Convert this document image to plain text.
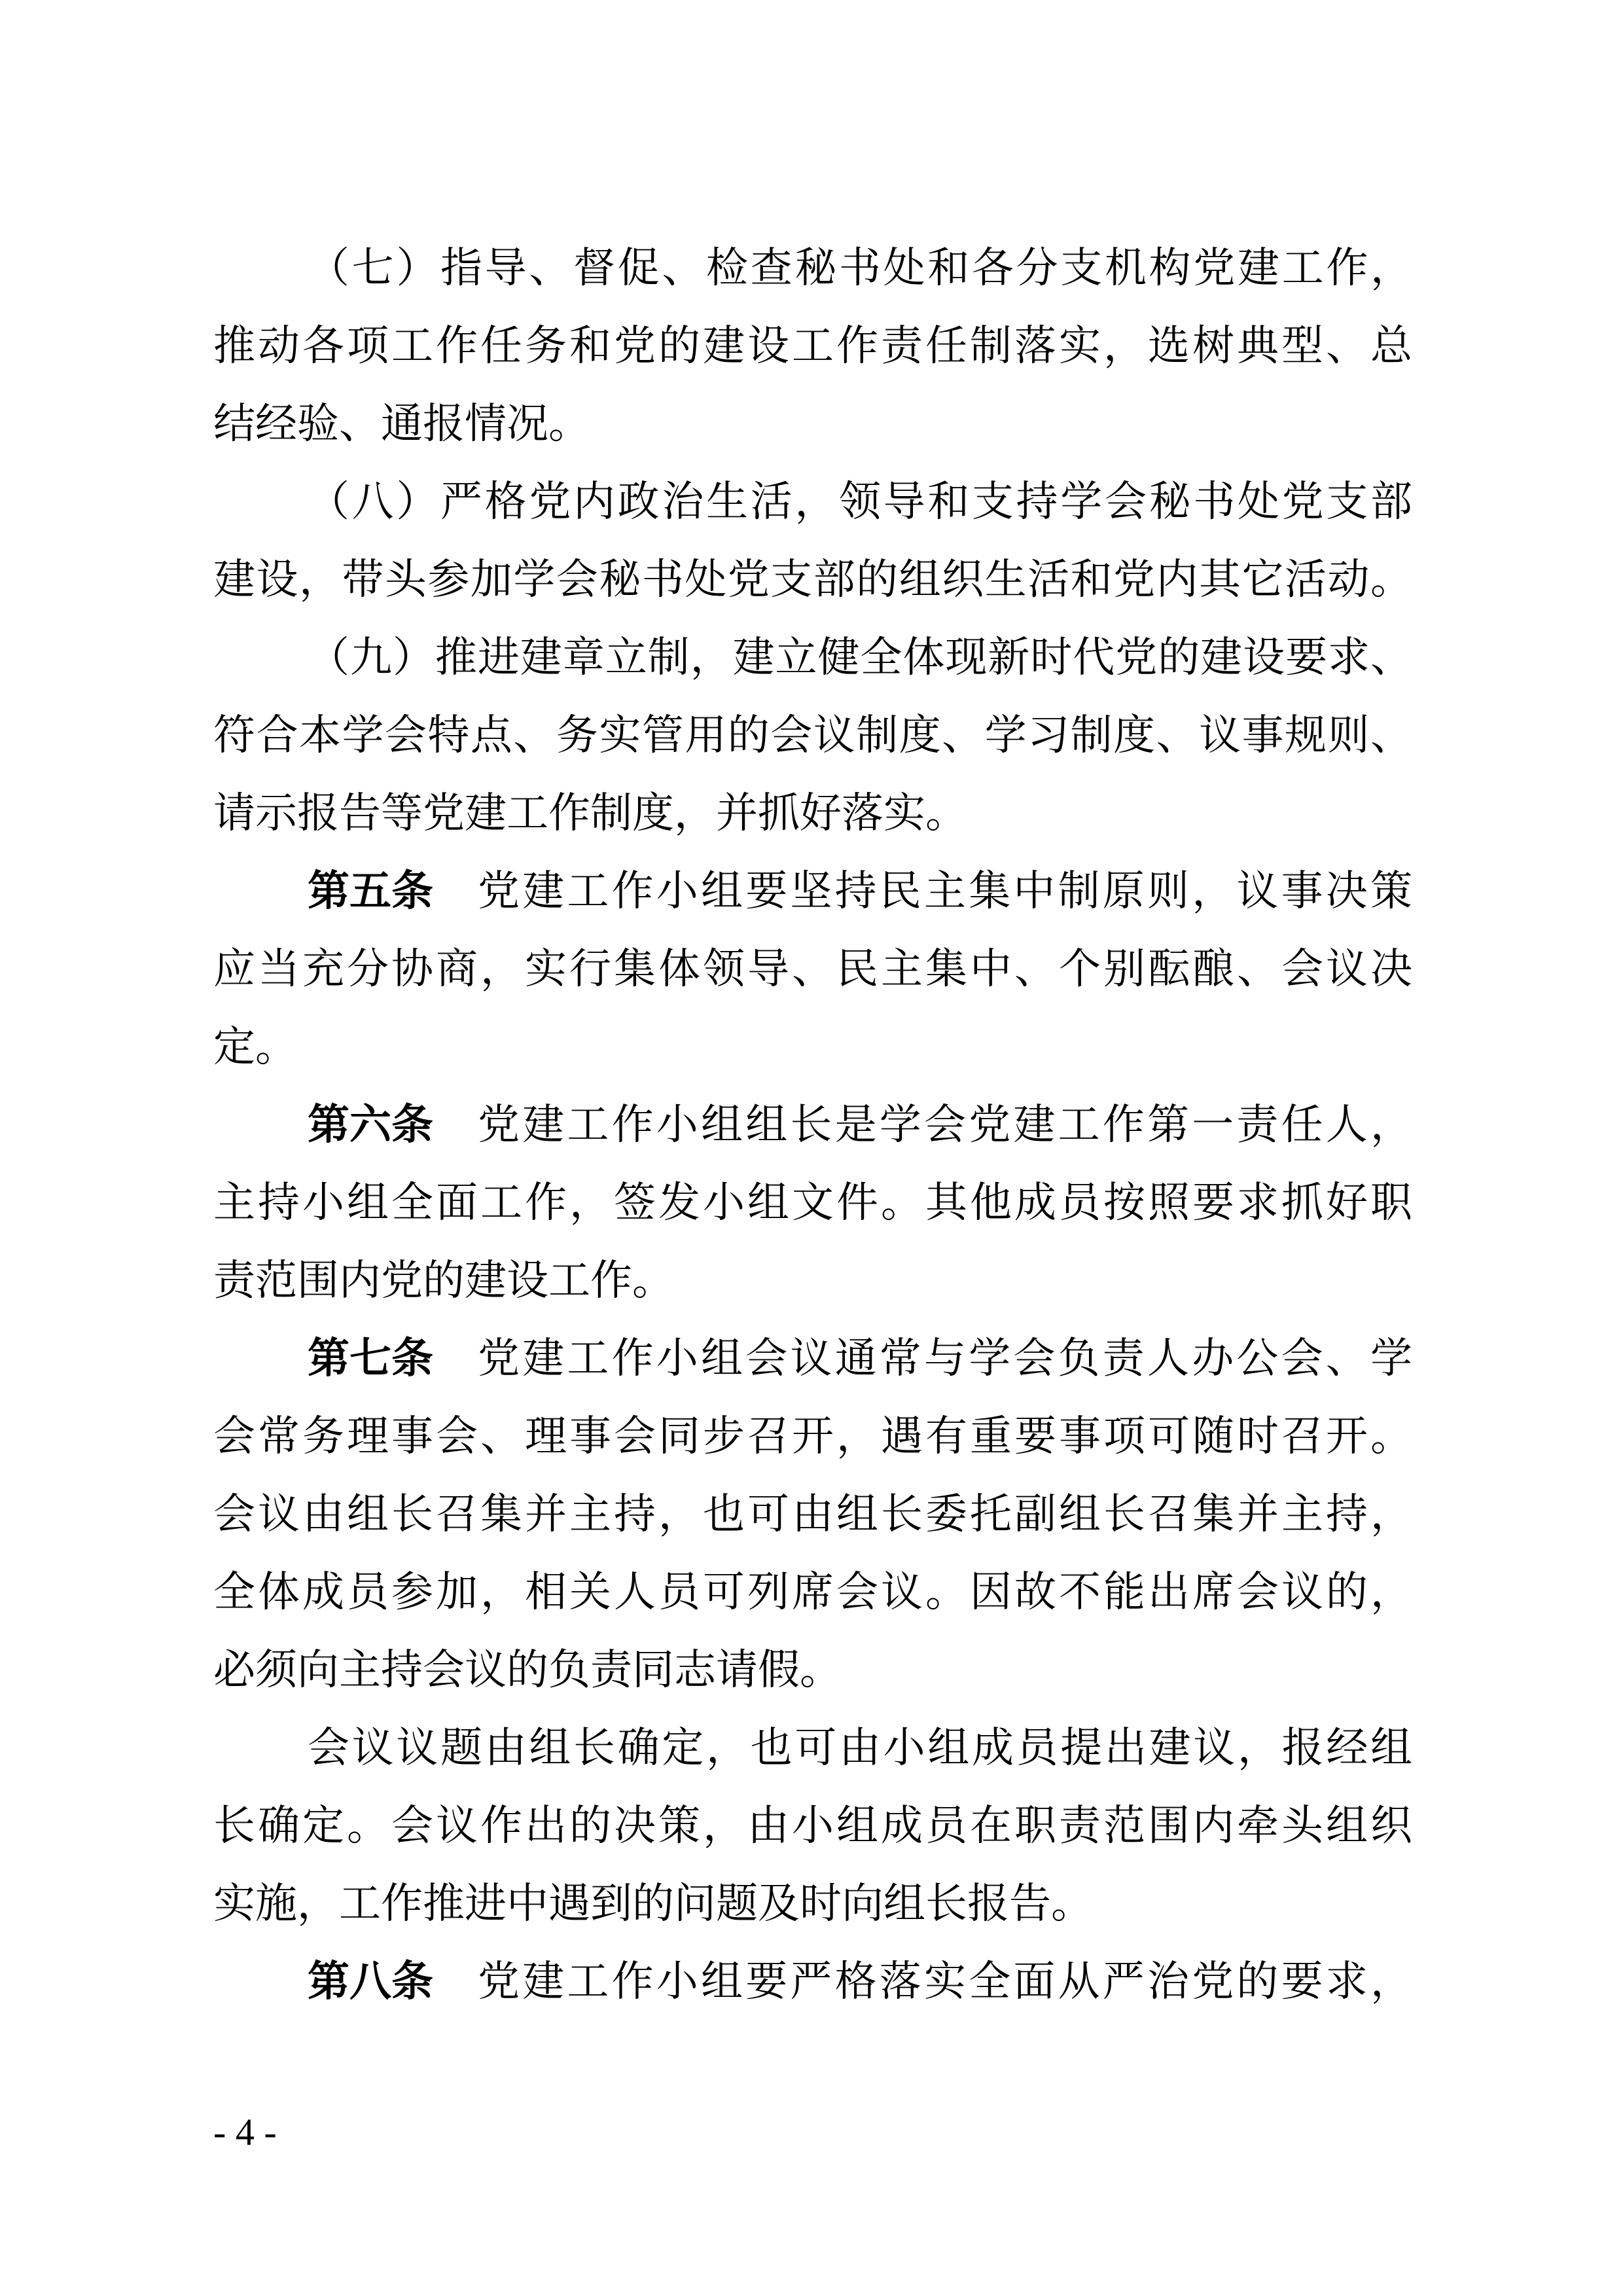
（七）指导、督促、检查秘书处和各分支机构党建工作，
推动各项工作任务和党的建设工作责任制落实，选树典型、总
结经验、通报情况。
（八）严格党内政治生活，领导和支持学会秘书处党支部
建设，带头参加学会秘书处党支部的组织生活和党内其它活动。
（九）推进建章立制，建立健全体现新时代党的建设要求、
符合本学会特点、务实管用的会议制度、学习制度、议事规则、
请示报告等党建工作制度，并抓好落实。
第五条 党建工作小组要坚持民主集中制原则，议事决策
应当充分协商，实行集体领导、民主集中、个别酝酿、会议决
定。
第六条 党建工作小组组长是学会党建工作第一责任人，
主持小组全面工作，签发小组文件。其他成员按照要求抓好职
责范围内党的建设工作。
第七条 党建工作小组会议通常与学会负责人办公会、学
会常务理事会、理事会同步召开，遇有重要事项可随时召开。
会议由组长召集并主持，也可由组长委托副组长召集并主持，
全体成员参加，相关人员可列席会议。因故不能出席会议的，
必须向主持会议的负责同志请假。
会议议题由组长确定，也可由小组成员提出建议，报经组
长确定。会议作出的决策，由小组成员在职责范围内牵头组织
实施，工作推进中遇到的问题及时向组长报告。
第八条 党建工作小组要严格落实全面从严治党的要求，
- 4 -
